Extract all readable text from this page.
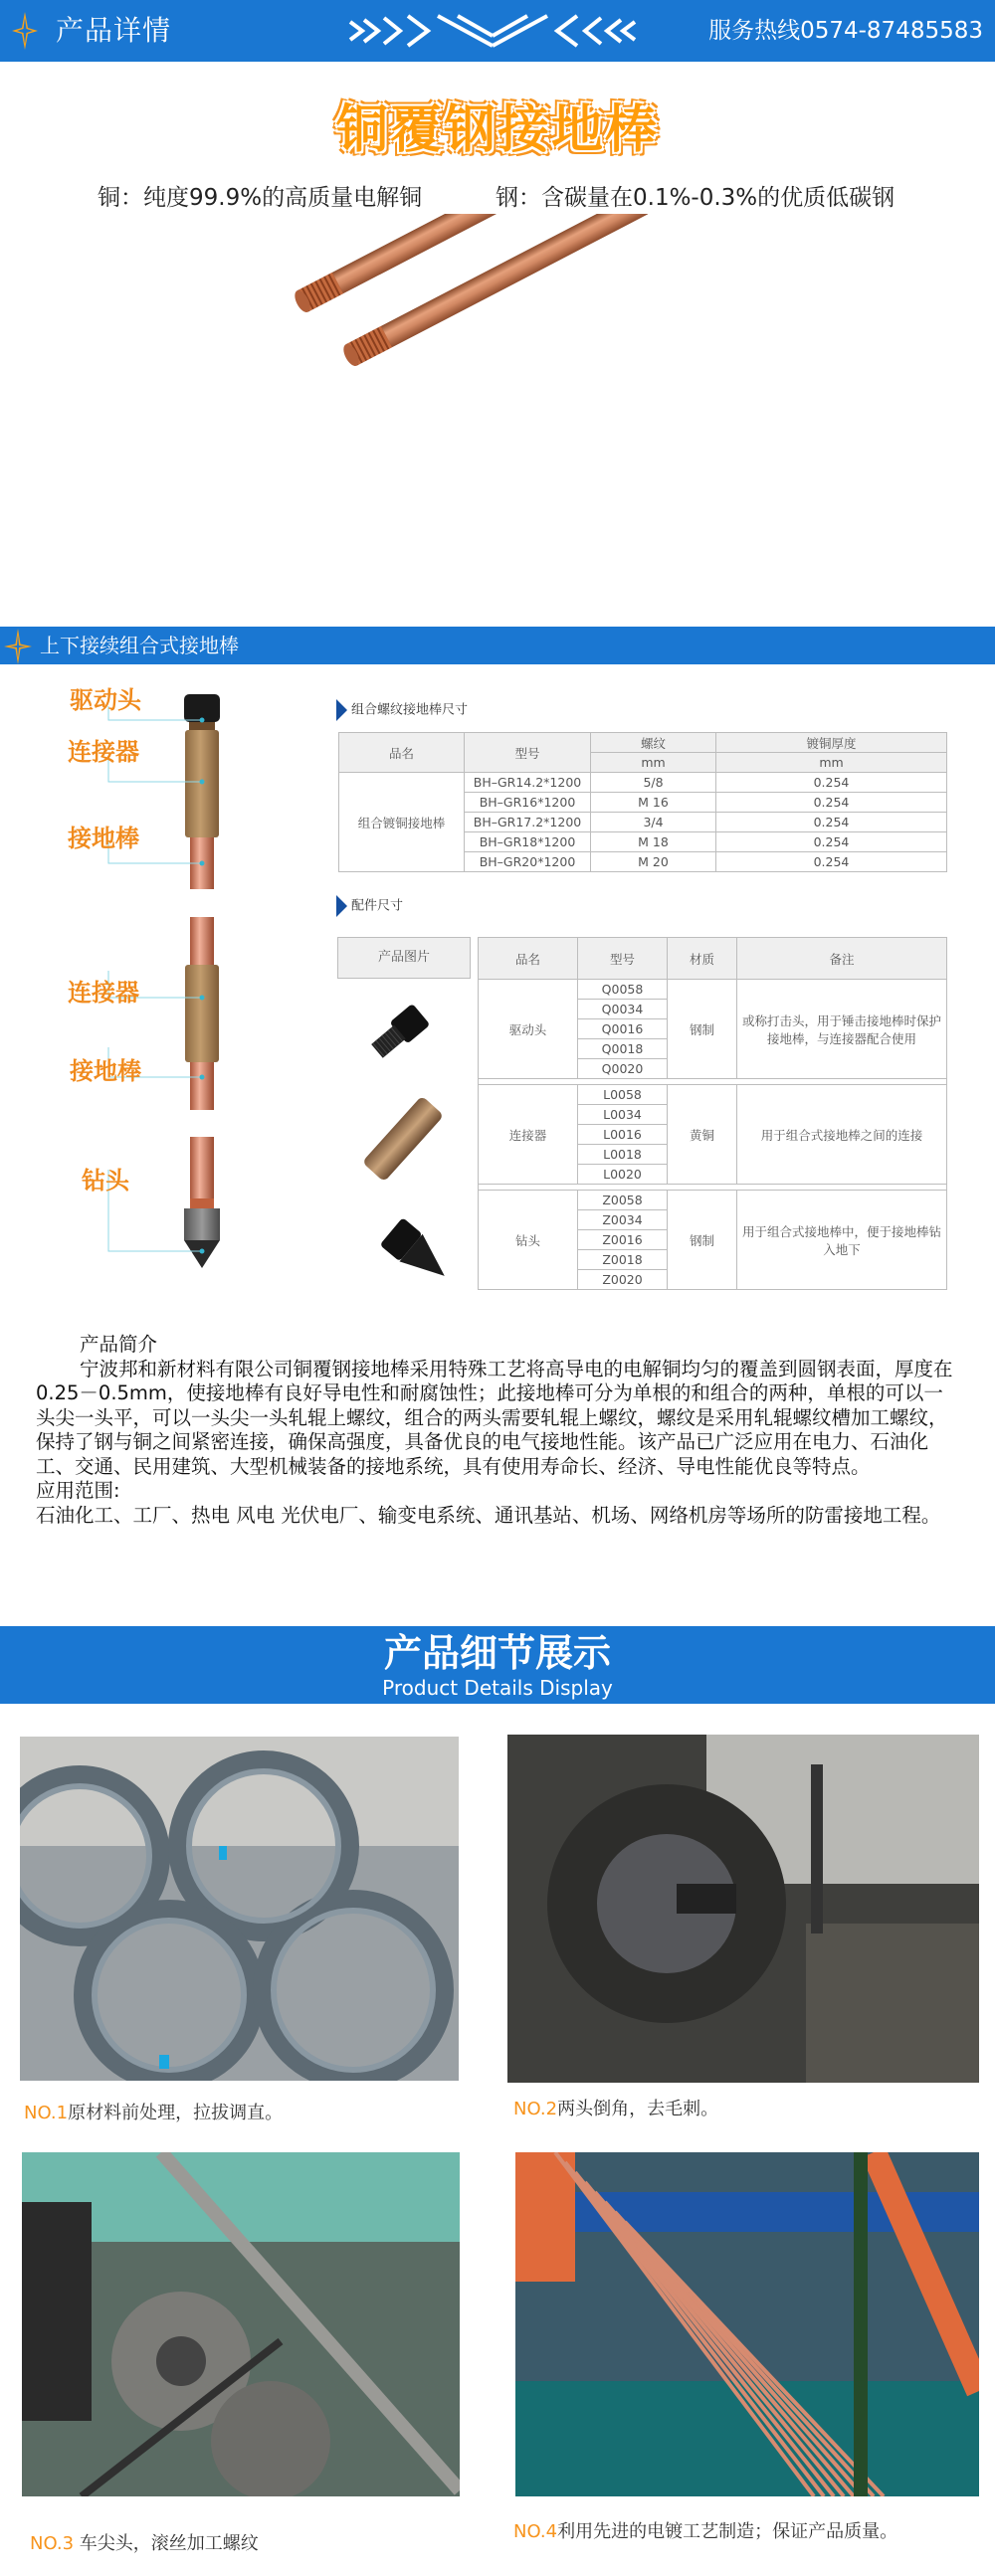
产品详情	服务热线0574-87485583
铜覆钢接地棒
铜：纯度99.9%的高质量电解铜	钢：含碳量在0.1%-0.3%的优质低碳钢
上下接续组合式接地棒
驱动头
连接器
接地棒
连接器
接地棒
钻头
组合螺纹接地棒尺寸
品名	型号	螺纹	镀铜厚度
		mm	mm
组合镀铜接地棒	BH–GR14.2*1200	5/8	0.254
	BH–GR16*1200	M 16	0.254
	BH–GR17.2*1200	3/4	0.254
	BH–GR18*1200	M 18	0.254
	BH–GR20*1200	M 20	0.254
配件尺寸
产品图片	品名	型号	材质	备注
驱动头	Q0058	钢制	或称打击头，用于锤击接地棒时保护接地棒，与连接器配合使用
	Q0034		
	Q0016		
	Q0018		
	Q0020		

连接器	L0058	黄铜	用于组合式接地棒之间的连接
	L0034		
	L0016		
	L0018		
	L0020		

钻头	Z0058	钢制	用于组合式接地棒中，便于接地棒钻入地下
	Z0034		
	Z0016		
	Z0018		
	Z0020		
产品简介
宁波邦和新材料有限公司铜覆钢接地棒采用特殊工艺将高导电的电解铜均匀的覆盖到圆钢表面，厚度在0.25－0.5mm，使接地棒有良好导电性和耐腐蚀性；此接地棒可分为单根的和组合的两种，单根的可以一头尖一头平，可以一头尖一头轧辊上螺纹，组合的两头需要轧辊上螺纹，螺纹是采用轧辊螺纹槽加工螺纹，保持了钢与铜之间紧密连接，确保高强度，具备优良的电气接地性能。该产品已广泛应用在电力、石油化工、交通、民用建筑、大型机械装备的接地系统，具有使用寿命长、经济、导电性能优良等特点。
应用范围:
石油化工、工厂、热电 风电 光伏电厂、输变电系统、通讯基站、机场、网络机房等场所的防雷接地工程。
产品细节展示
Product Details Display
NO.1原材料前处理，拉拔调直。	NO.2两头倒角，去毛刺。
NO.3 车尖头，滚丝加工螺纹
NO.4利用先进的电镀工艺制造；保证产品质量。
